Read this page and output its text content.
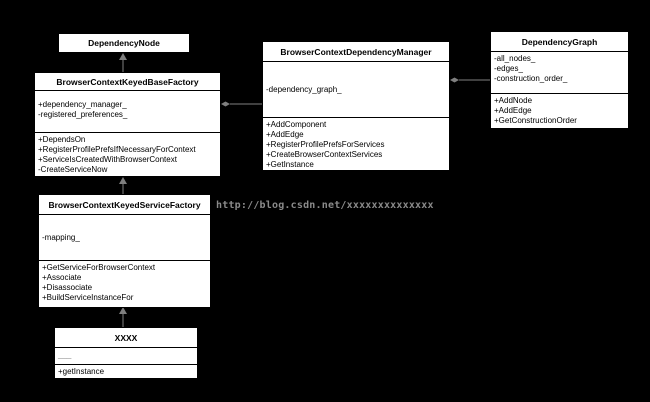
DependencyNode
BrowserContextKeyedBaseFactory
+dependency_manager_
-registered_preferences_
+DependsOn
+RegisterProfilePrefsIfNecessaryForContext
+ServiceIsCreatedWithBrowserContext
-CreateServiceNow
BrowserContextDependencyManager
-dependency_graph_
+AddComponent
+AddEdge
+RegisterProfilePrefsForServices
+CreateBrowserContextServices
+GetInstance
DependencyGraph
-all_nodes_
-edges_
-construction_order_
+AddNode
+AddEdge
+GetConstructionOrder
BrowserContextKeyedServiceFactory
-mapping_
+GetServiceForBrowserContext
+Associate
+Disassociate
+BuildServiceInstanceFor
XXXX
___
+getInstance
http://blog.csdn.net/xxxxxxxxxxxxxx
